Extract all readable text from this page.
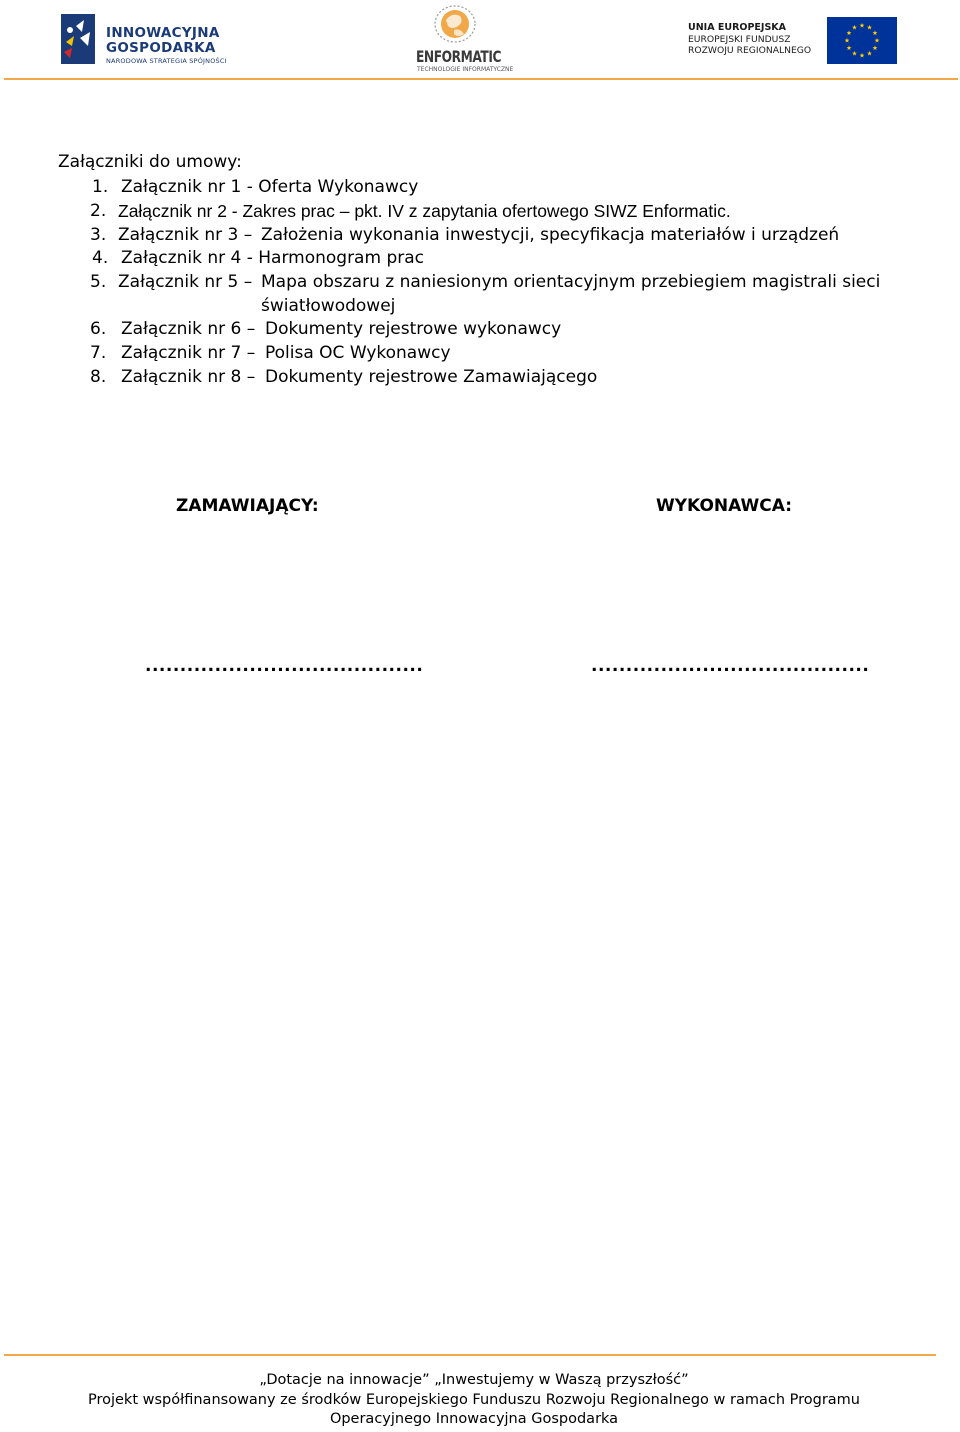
INNOWACYJNA
GOSPODARKA
NARODOWA STRATEGIA SPÓJNOŚCI	ENFORMATIC
TECHNOLOGIE INFORMATYCZNE
UNIA EUROPEJSKA
EUROPEJSKI FUNDUSZ
ROZWOJU REGIONALNEGO
Załączniki do umowy:
1. Załącznik nr 1 - Oferta Wykonawcy
2. Załącznik nr 2 - Zakres prac – pkt. IV z zapytania ofertowego SIWZ Enformatic.
3. Załącznik nr 3 – Założenia wykonania inwestycji, specyfikacja materiałów i urządzeń
4. Załącznik nr 4 - Harmonogram prac
5. Załącznik nr 5 – Mapa obszaru z naniesionym orientacyjnym przebiegiem magistrali sieci
światłowodowej
6. Załącznik nr 6 – Dokumenty rejestrowe wykonawcy
7. Załącznik nr 7 – Polisa OC Wykonawcy
8. Załącznik nr 8 – Dokumenty rejestrowe Zamawiającego
ZAMAWIAJĄCY:	WYKONAWCA:
........................................	........................................
„Dotacje na innowacje” „Inwestujemy w Waszą przyszłość”
Projekt współfinansowany ze środków Europejskiego Funduszu Rozwoju Regionalnego w ramach Programu
Operacyjnego Innowacyjna Gospodarka
